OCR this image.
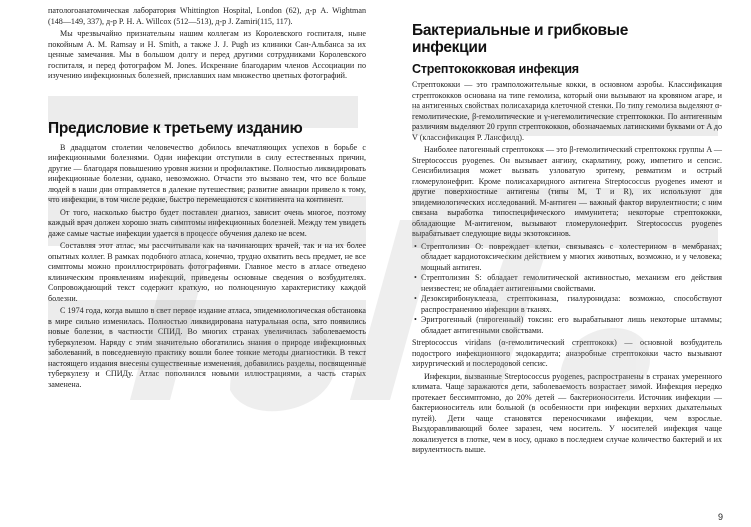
патологоанатомическая лаборатория Whittington Hospital, London (62), д-р A. Wightman (148—149, 337), д-р P. H. A. Willcox (512—513), д-р J. Zamiri(115, 117).

Мы чрезвычайно признательны нашим коллегам из Королевского госпиталя, ныне покойным A. M. Ramsay и H. Smith, а также J. J. Pugh из клиники Сан-Альбанса за их ценные замечания. Мы в большом долгу и перед другими сотрудниками Королевского госпиталя, и перед фотографом M. Jones. Искренние благодарим членов Ассоциации по изучению инфекционных болезней, приславших нам множество цветных фотографий.

Предисловие к третьему изданию

В двадцатом столетии человечество добилось впечатляющих успехов в борьбе с инфекционными болезнями. Одни инфекции отступили в силу естественных причин, другие — благодаря повышению уровня жизни и профилактике. Полностью ликвидировать инфекционные болезни, однако, невозможно. Отчасти это вызвано тем, что все больше людей в наши дни отправляется в далекие путешествия; развитие авиации привело к тому, что инфекции, в том числе редкие, быстро перемещаются с континента на континент.

От того, насколько быстро будет поставлен диагноз, зависит очень многое, поэтому каждый врач должен хорошо знать симптомы инфекционных болезней. Между тем увидеть даже самые частые инфекции удается в процессе обучения далеко не всем.

Составляя этот атлас, мы рассчитывали как на начинающих врачей, так и на их более опытных коллег. В рамках подобного атласа, конечно, трудно охватить весь предмет, не все симптомы можно проиллюстрировать фотографиями. Главное место в атласе отведено клиническим проявлениям инфекций, приведены основные сведения о возбудителях. Сопровождающий текст содержит краткую, но полноценную характеристику каждой болезни.

С 1974 года, когда вышло в свет первое издание атласа, эпидемиологическая обстановка в мире сильно изменилась. Полностью ликвидирована натуральная оспа, зато появились новые болезни, в частности СПИД. Во многих странах увеличилась заболеваемость туберкулезом. Наряду с этим значительно обогатились знания о природе инфекционных заболеваний, в повседневную практику вошли более тонкие методы диагностики. В текст настоящего издания внесены существенные изменения, добавились разделы, посвященные туберкулезу и СПИДу. Атлас пополнился новыми иллюстрациями, а часть старых заменена.

Бактериальные и грибковые
инфекции
Стрептококковая инфекция

Стрептококки — это грамположительные кокки, в основном аэробы. Классификация стрептококков основана на типе гемолиза, который они вызывают на кровяном агаре, и на антигенных свойствах полисахарида клеточной стенки. По типу гемолиза выделяют α-гемолитические, β-гемолитические и γ-негемолитические стрептококки. По антигенным различиям выделяют 20 групп стрептококков, обозначаемых латинскими буквами от A до V (классификация Р. Лансфилд).

Наиболее патогенный стрептококк — это β-гемолитический стрептококк группы A — Streptococcus pyogenes. Он вызывает ангину, скарлатину, рожу, импетиго и сепсис. Сенсибилизация может вызвать узловатую эритему, ревматизм и острый гломерулонефрит. Кроме полисахаридного антигена Streptococcus pyogenes имеют и другие поверхностные антигены (типы M, T и R), их используют для эпидемиологических исследований. M-антиген — важный фактор вирулентности; с ним связана выработка типоспецифического иммунитета; некоторые стрептококки, обладающие M-антигеном, вызывают гломерулонефрит. Streptococcus pyogenes вырабатывает следующие виды экзотоксинов.

• Стрептолизин O: повреждает клетки, связываясь с холестерином в мембранах; обладает кардиотоксическим действием у многих животных, возможно, и у человека; мощный антиген.
• Стрептолизин S: обладает гемолитической активностью, механизм его действия неизвестен; не обладает антигенными свойствами.
• Дезоксирибонуклеаза, стрептокиназа, гиалуронидаза: возможно, способствуют распространению инфекции в тканях.
• Эритрогенный (пирогенный) токсин: его вырабатывают лишь некоторые штаммы; обладает антигенными свойствами.

Streptococcus viridans (α-гемолитический стрептококк) — основной возбудитель подострого инфекционного эндокардита; анаэробные стрептококки часто вызывают хирургический и послеродовой сепсис.

Инфекции, вызванные Streptococcus pyogenes, распространены в странах умеренного климата. Чаще заражаются дети, заболеваемость возрастает зимой. Инфекция нередко протекает бессимптомно, до 20% детей — бактерионосители. Источник инфекции — бактерионоситель или больной (в особенности при инфекции верхних дыхательных путей). Дети чаще становятся переносчиками инфекции, чем взрослые. Выздоравливающий более заразен, чем носитель. У носителей инфекция чаще локализуется в глотке, чем в носу, однако в последнем случае количество бактерий и их вирулентность выше.

9
